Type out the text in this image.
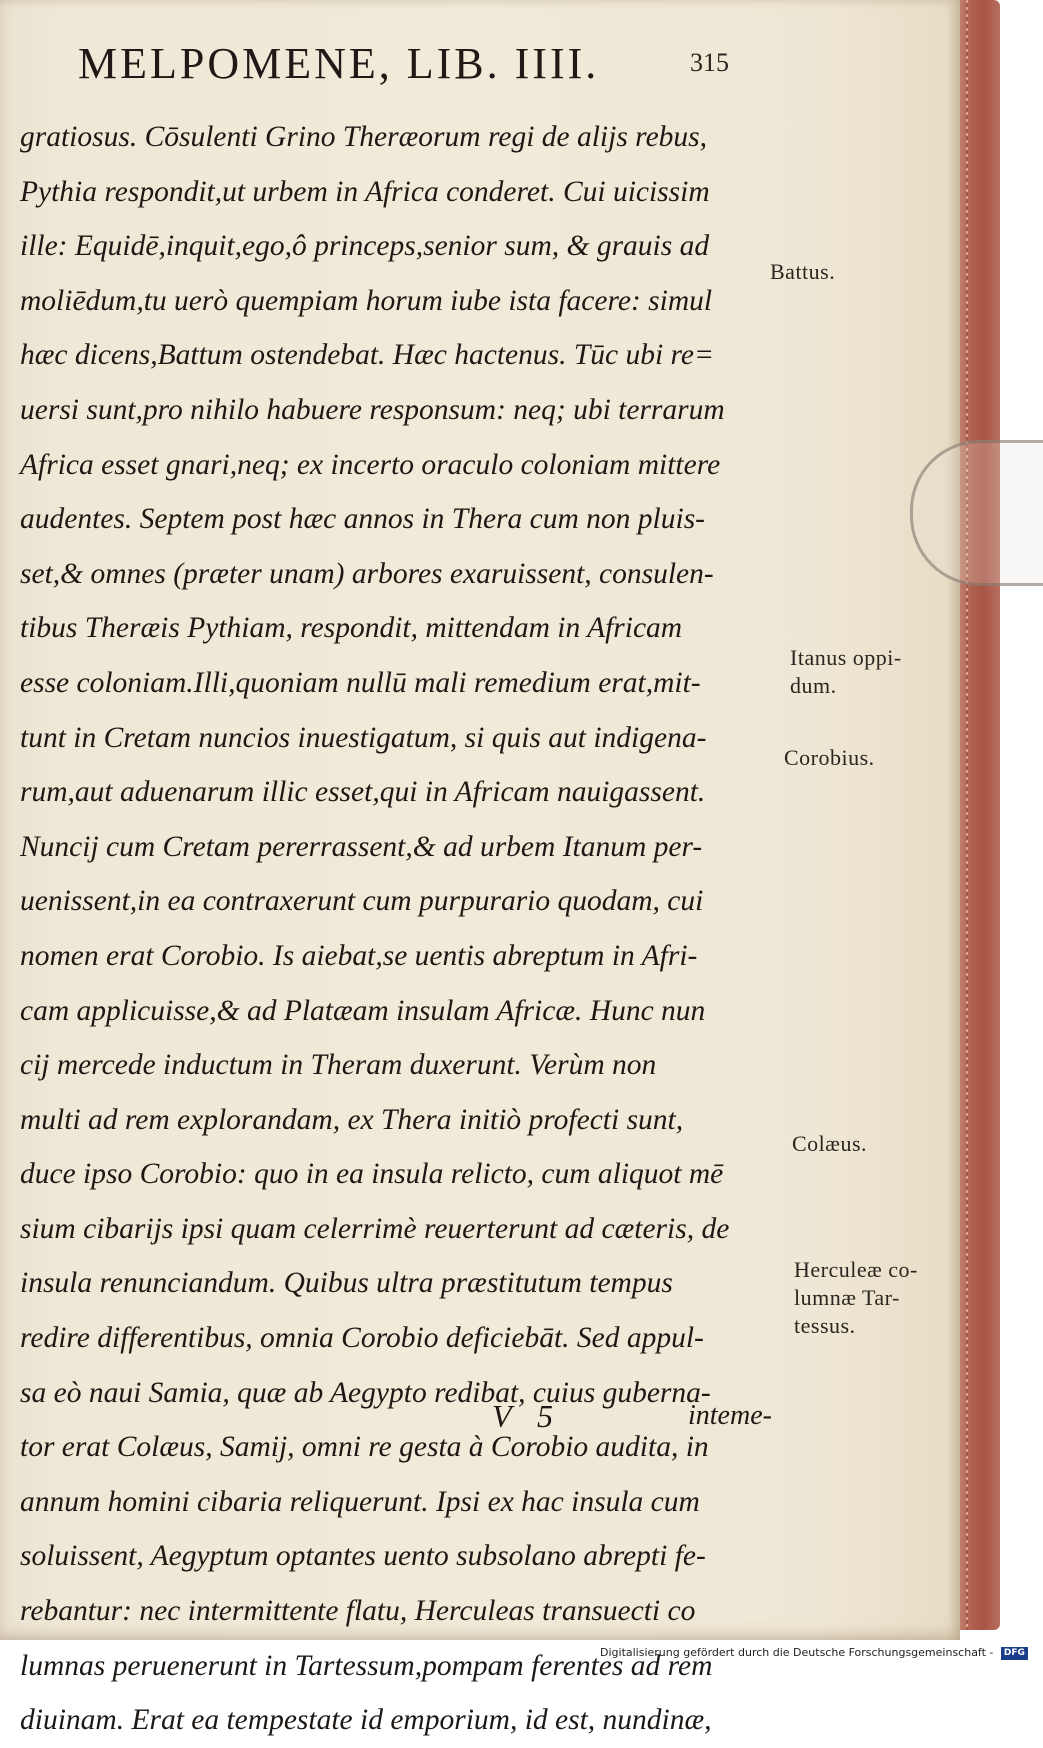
MELPOMENE, LIB. IIII.	315
gratiosus. Cōsulenti Grino Theræorum regi de alijs rebus,
Pythia respondit,ut urbem in Africa conderet. Cui uicissim
ille: Equidē,inquit,ego,ô princeps,senior sum, & grauis ad
moliēdum,tu uerò quempiam horum iube ista facere: simul
hæc dicens,Battum ostendebat. Hæc hactenus. Tūc ubi re=
uersi sunt,pro nihilo habuere responsum: neq; ubi terrarum
Africa esset gnari,neq; ex incerto oraculo coloniam mittere
audentes. Septem post hæc annos in Thera cum non pluis-
set,& omnes (præter unam) arbores exaruissent, consulen-
tibus Theræis Pythiam, respondit, mittendam in Africam
esse coloniam.Illi,quoniam nullū mali remedium erat,mit-
tunt in Cretam nuncios inuestigatum, si quis aut indigena-
rum,aut aduenarum illic esset,qui in Africam nauigassent.
Nuncij cum Cretam pererrassent,& ad urbem Itanum per-
uenissent,in ea contraxerunt cum purpurario quodam, cui
nomen erat Corobio. Is aiebat,se uentis abreptum in Afri-
cam applicuisse,& ad Platæam insulam Africæ. Hunc nun
cij mercede inductum in Theram duxerunt. Verùm non
multi ad rem explorandam, ex Thera initiò profecti sunt,
duce ipso Corobio: quo in ea insula relicto, cum aliquot mē
sium cibarijs ipsi quam celerrimè reuerterunt ad cæteris, de
insula renunciandum. Quibus ultra præstitutum tempus
redire differentibus, omnia Corobio deficiebāt. Sed appul-
sa eò naui Samia, quæ ab Aegypto redibat, cuius guberna-
tor erat Colæus, Samij, omni re gesta à Corobio audita, in
annum homini cibaria reliquerunt. Ipsi ex hac insula cum
soluissent, Aegyptum optantes uento subsolano abrepti fe-
rebantur: nec intermittente flatu, Herculeas transuecti co
lumnas peruenerunt in Tartessum,pompam ferentes ad rem
diuinam. Erat ea tempestate id emporium, id est, nundinæ,
Battus.
Itanus oppi-
dum.
Corobius.
Colæus.
Herculeæ co-
lumnæ Tar-
tessus.
V 5	inteme-
Digitalisierung gefördert durch die Deutsche Forschungsgemeinschaft - DFG
